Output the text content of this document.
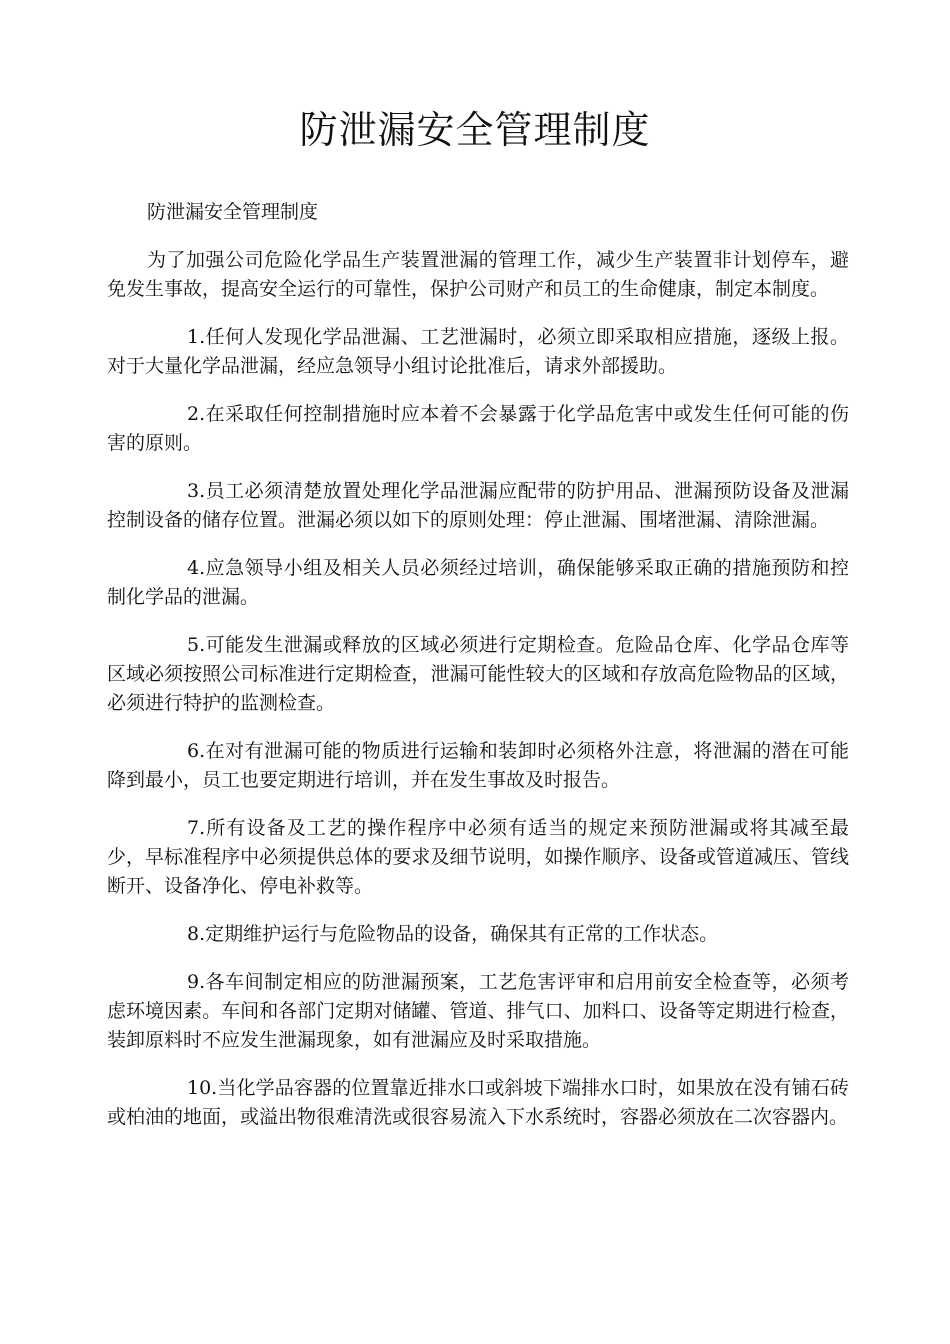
防泄漏安全管理制度

防泄漏安全管理制度

为了加强公司危险化学品生产装置泄漏的管理工作，减少生产装置非计划停车，避免发生事故，提高安全运行的可靠性，保护公司财产和员工的生命健康，制定本制度。

1.任何人发现化学品泄漏、工艺泄漏时，必须立即采取相应措施，逐级上报。对于大量化学品泄漏，经应急领导小组讨论批准后，请求外部援助。

2.在采取任何控制措施时应本着不会暴露于化学品危害中或发生任何可能的伤害的原则。

3.员工必须清楚放置处理化学品泄漏应配带的防护用品、泄漏预防设备及泄漏控制设备的储存位置。泄漏必须以如下的原则处理：停止泄漏、围堵泄漏、清除泄漏。

4.应急领导小组及相关人员必须经过培训，确保能够采取正确的措施预防和控制化学品的泄漏。

5.可能发生泄漏或释放的区域必须进行定期检查。危险品仓库、化学品仓库等区域必须按照公司标准进行定期检查，泄漏可能性较大的区域和存放高危险物品的区域，必须进行特护的监测检查。

6.在对有泄漏可能的物质进行运输和装卸时必须格外注意，将泄漏的潜在可能降到最小，员工也要定期进行培训，并在发生事故及时报告。

7.所有设备及工艺的操作程序中必须有适当的规定来预防泄漏或将其减至最少，早标准程序中必须提供总体的要求及细节说明，如操作顺序、设备或管道减压、管线断开、设备净化、停电补救等。

8.定期维护运行与危险物品的设备，确保其有正常的工作状态。

9.各车间制定相应的防泄漏预案，工艺危害评审和启用前安全检查等，必须考虑环境因素。车间和各部门定期对储罐、管道、排气口、加料口、设备等定期进行检查，装卸原料时不应发生泄漏现象，如有泄漏应及时采取措施。

10.当化学品容器的位置靠近排水口或斜坡下端排水口时，如果放在没有铺石砖或柏油的地面，或溢出物很难清洗或很容易流入下水系统时，容器必须放在二次容器内。
